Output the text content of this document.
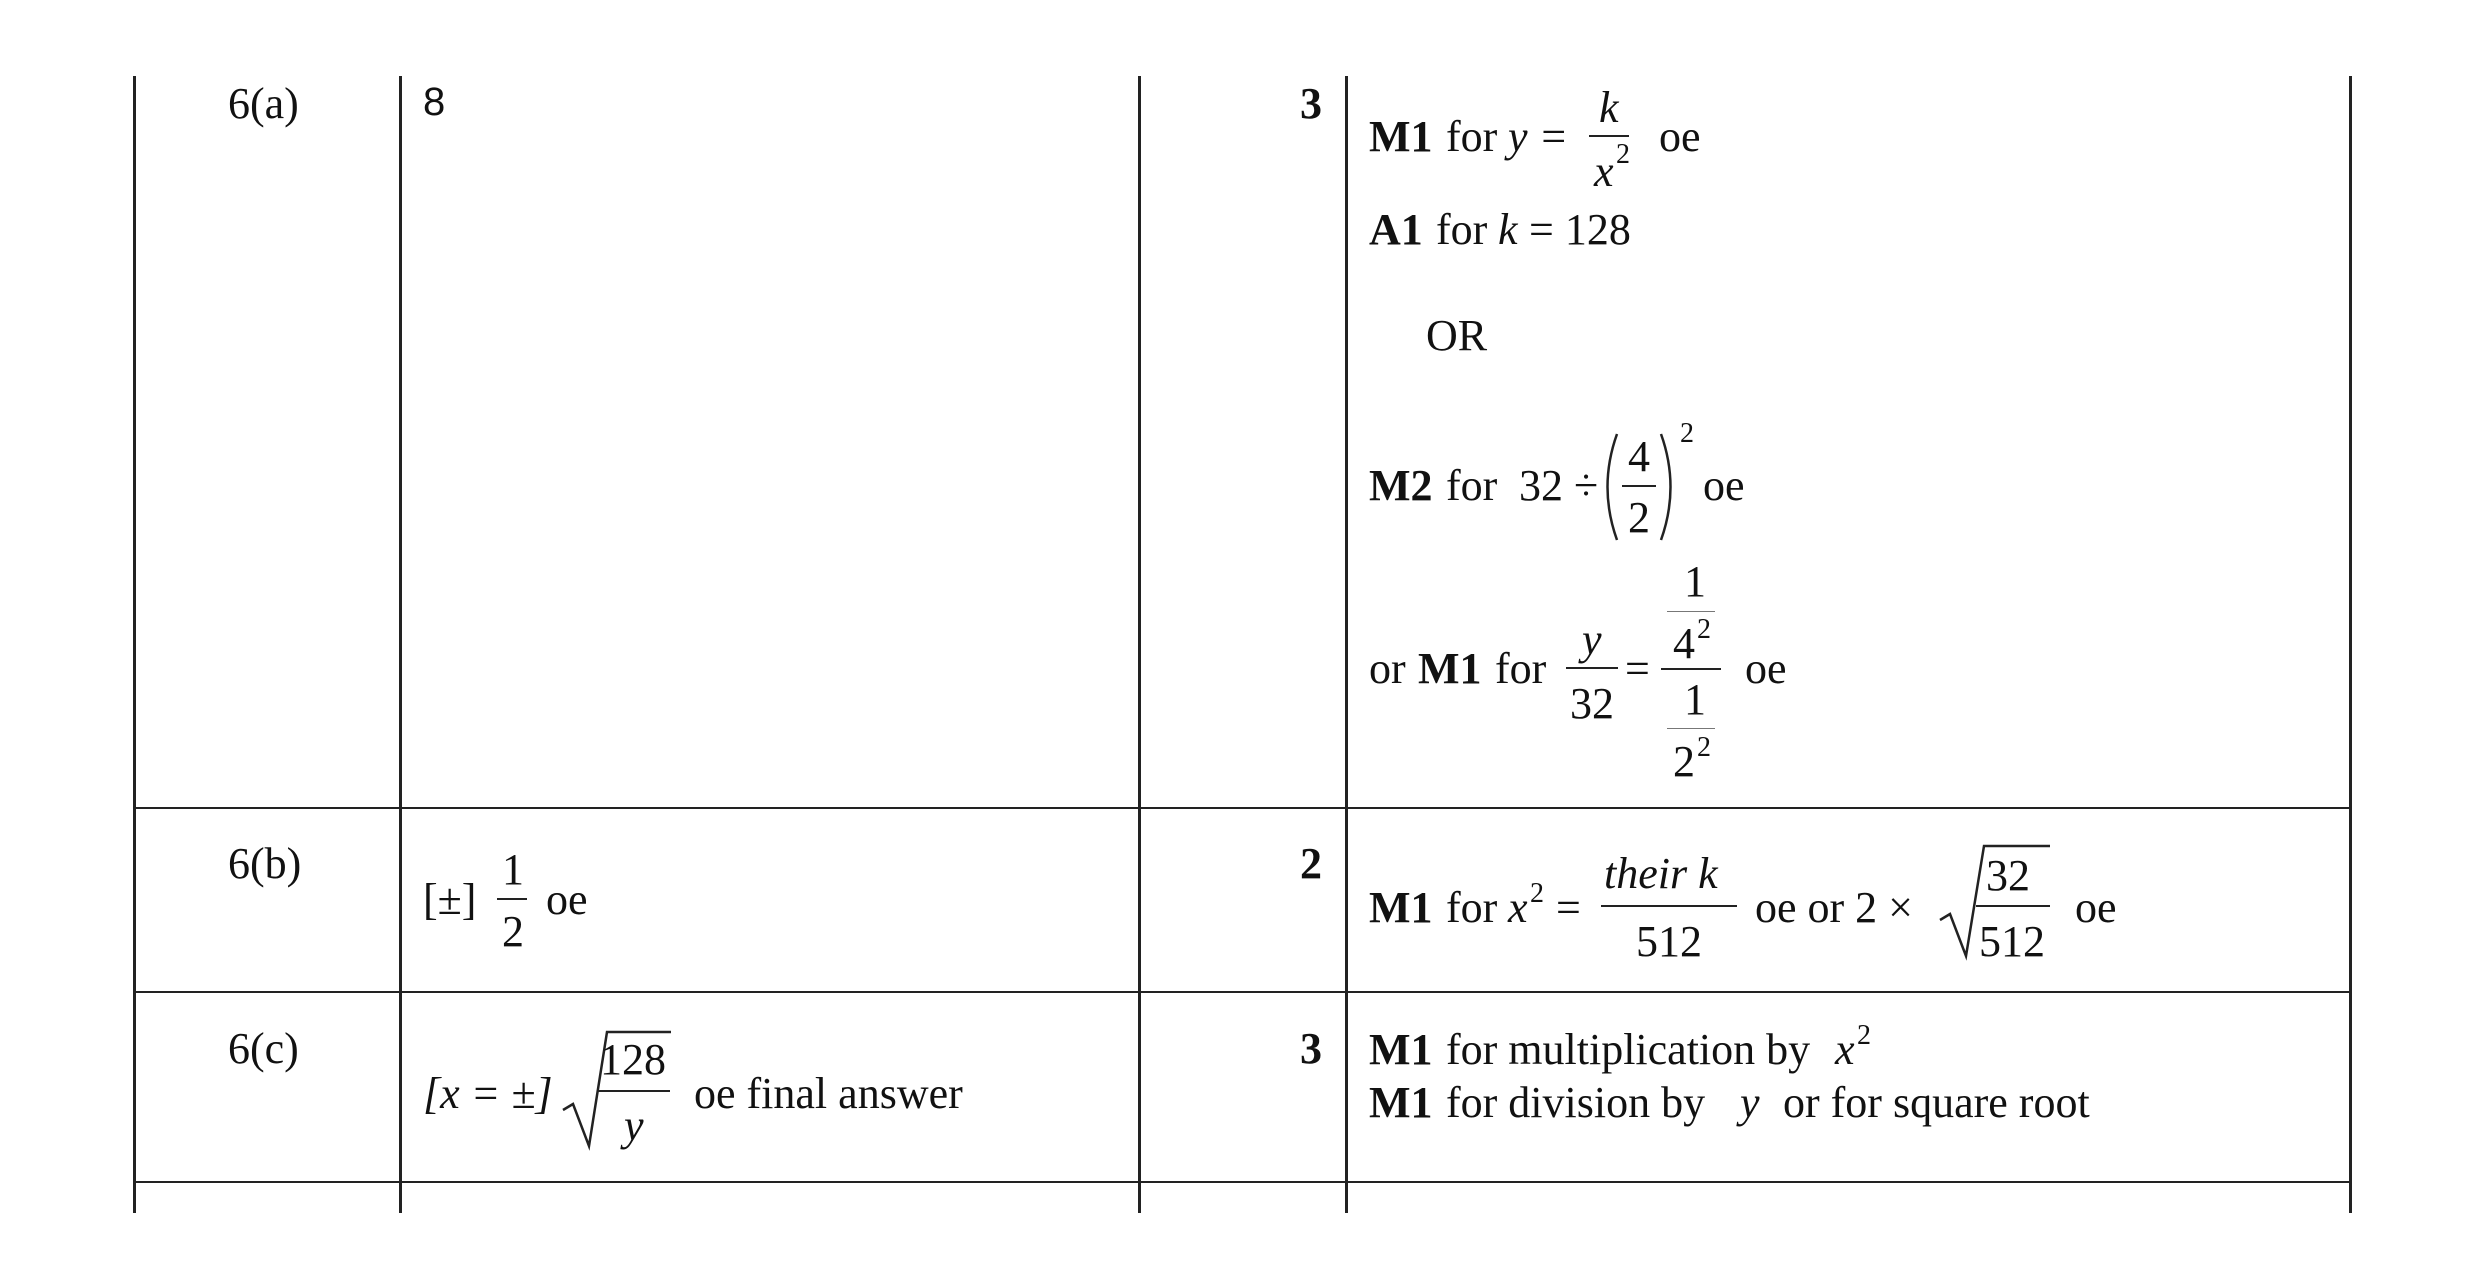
6(a)	8	3
M1 for y =
k
x 2 oe
A1 for k = 128
OR
M2 for 32 ÷
4
2
2
oe
or M1 for
y
32
=
1
4 2
1
2 2
oe
6(b)
[±]
1
2
oe
2
M1 for x 2 =
their k
512
oe or 2 ×
32
512
oe
6(c)
[x = ±]
128
y
oe final answer
3 M1 for multiplication by x 2
M1 for division by y or for square root
